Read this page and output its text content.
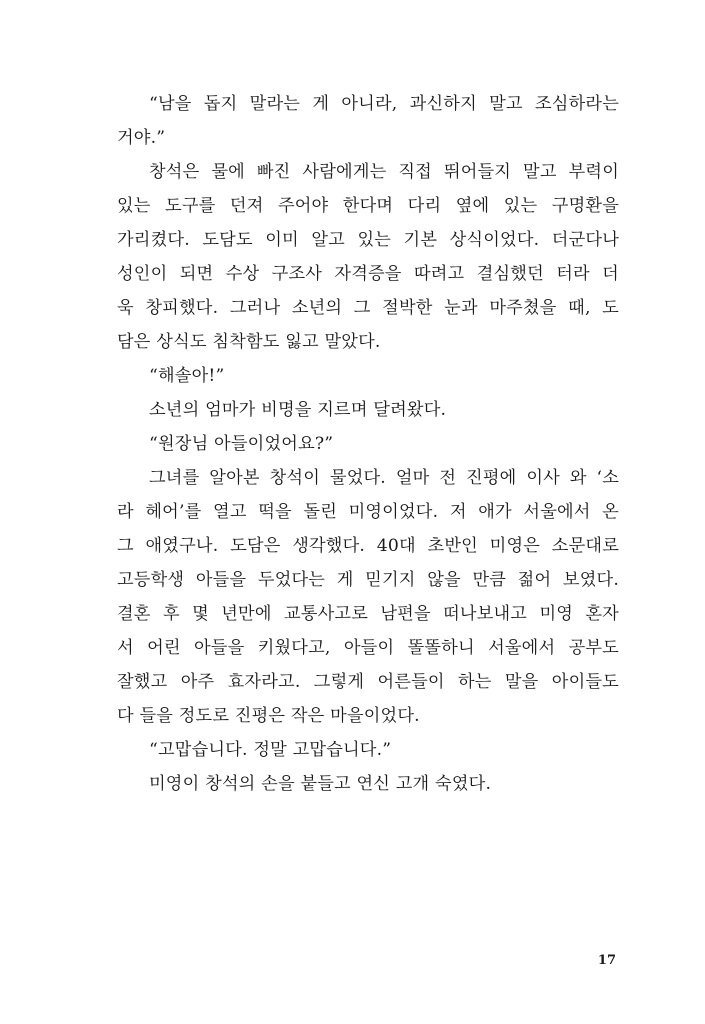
“남을 돕지 말라는 게 아니라, 과신하지 말고 조심하라는
거야.”
창석은 물에 빠진 사람에게는 직접 뛰어들지 말고 부력이
있는 도구를 던져 주어야 한다며 다리 옆에 있는 구명환을
가리켰다. 도담도 이미 알고 있는 기본 상식이었다. 더군다나
성인이 되면 수상 구조사 자격증을 따려고 결심했던 터라 더
욱 창피했다. 그러나 소년의 그 절박한 눈과 마주쳤을 때, 도
담은 상식도 침착함도 잃고 말았다.
“해솔아!”
소년의 엄마가 비명을 지르며 달려왔다.
“원장님 아들이었어요?”
그녀를 알아본 창석이 물었다. 얼마 전 진평에 이사 와 ‘소
라 헤어’를 열고 떡을 돌린 미영이었다. 저 애가 서울에서 온
그 애였구나. 도담은 생각했다. 40대 초반인 미영은 소문대로
고등학생 아들을 두었다는 게 믿기지 않을 만큼 젊어 보였다.
결혼 후 몇 년만에 교통사고로 남편을 떠나보내고 미영 혼자
서 어린 아들을 키웠다고, 아들이 똘똘하니 서울에서 공부도
잘했고 아주 효자라고. 그렇게 어른들이 하는 말을 아이들도
다 들을 정도로 진평은 작은 마을이었다.
“고맙습니다. 정말 고맙습니다.”
미영이 창석의 손을 붙들고 연신 고개 숙였다.
17
